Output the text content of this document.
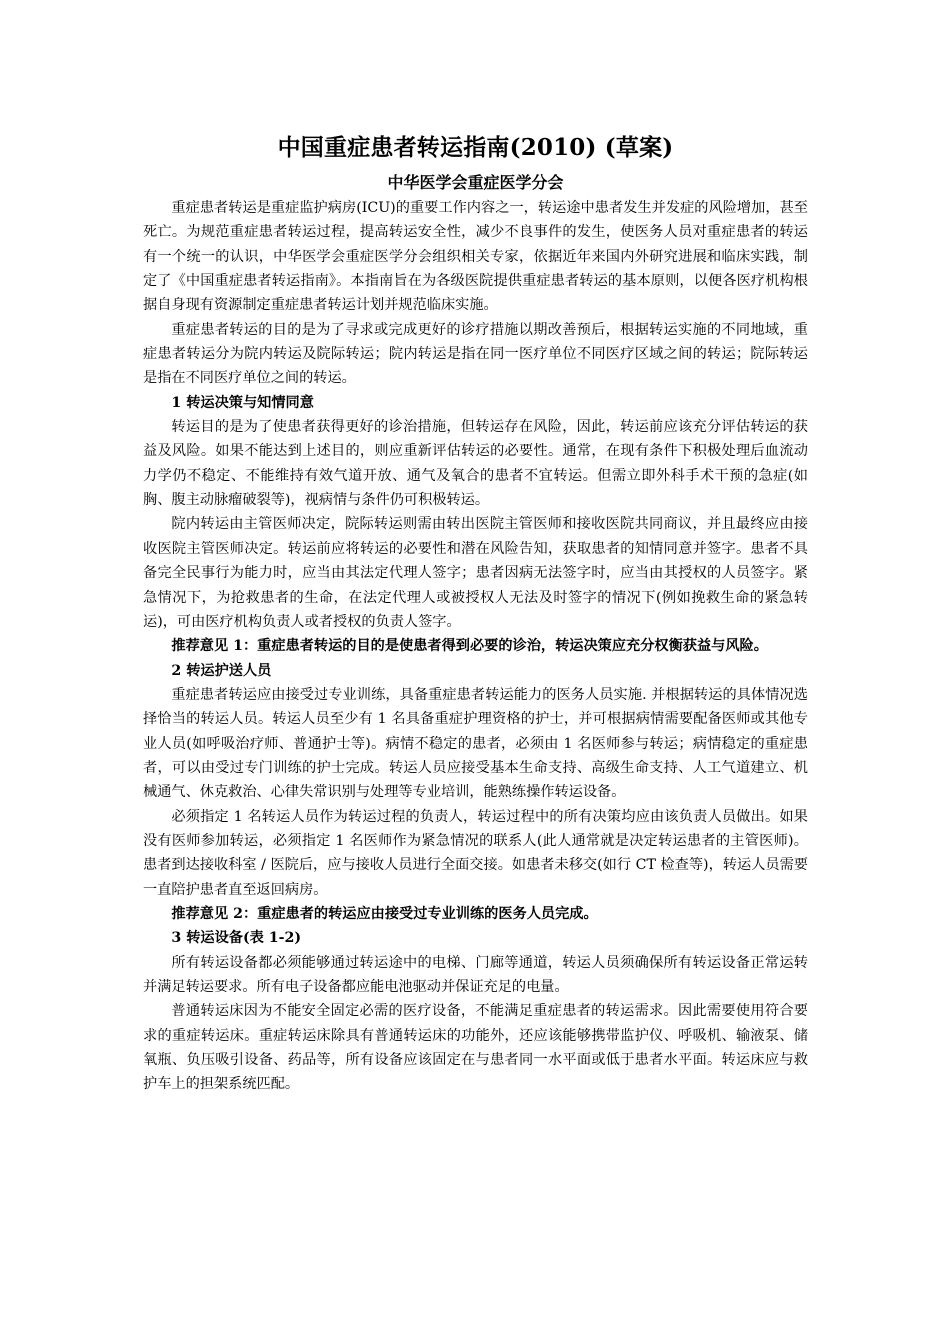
中国重症患者转运指南(2010) (草案)
中华医学会重症医学分会

重症患者转运是重症监护病房(ICU)的重要工作内容之一，转运途中患者发生并发症的风险增加，甚至死亡。为规范重症患者转运过程，提高转运安全性，减少不良事件的发生，使医务人员对重症患者的转运有一个统一的认识，中华医学会重症医学分会组织相关专家，依据近年来国内外研究进展和临床实践，制定了《中国重症患者转运指南》。本指南旨在为各级医院提供重症患者转运的基本原则，以便各医疗机构根据自身现有资源制定重症患者转运计划并规范临床实施。

重症患者转运的目的是为了寻求或完成更好的诊疗措施以期改善预后，根据转运实施的不同地域，重症患者转运分为院内转运及院际转运；院内转运是指在同一医疗单位不同医疗区域之间的转运；院际转运是指在不同医疗单位之间的转运。

1 转运决策与知情同意

转运目的是为了使患者获得更好的诊治措施，但转运存在风险，因此，转运前应该充分评估转运的获益及风险。如果不能达到上述目的，则应重新评估转运的必要性。通常，在现有条件下积极处理后血流动力学仍不稳定、不能维持有效气道开放、通气及氧合的患者不宜转运。但需立即外科手术干预的急症(如胸、腹主动脉瘤破裂等)，视病情与条件仍可积极转运。

院内转运由主管医师决定，院际转运则需由转出医院主管医师和接收医院共同商议，并且最终应由接收医院主管医师决定。转运前应将转运的必要性和潜在风险告知，获取患者的知情同意并签字。患者不具备完全民事行为能力时，应当由其法定代理人签字；患者因病无法签字时，应当由其授权的人员签字。紧急情况下，为抢救患者的生命，在法定代理人或被授权人无法及时签字的情况下(例如挽救生命的紧急转运)，可由医疗机构负责人或者授权的负责人签字。

推荐意见 1：重症患者转运的目的是使患者得到必要的诊治，转运决策应充分权衡获益与风险。

2 转运护送人员

重症患者转运应由接受过专业训练，具备重症患者转运能力的医务人员实施. 并根据转运的具体情况选择恰当的转运人员。转运人员至少有 1 名具备重症护理资格的护士，并可根据病情需要配备医师或其他专业人员(如呼吸治疗师、普通护士等)。病情不稳定的患者，必须由 1 名医师参与转运；病情稳定的重症患者，可以由受过专门训练的护士完成。转运人员应接受基本生命支持、高级生命支持、人工气道建立、机械通气、休克救治、心律失常识别与处理等专业培训，能熟练操作转运设备。

必须指定 1 名转运人员作为转运过程的负责人，转运过程中的所有决策均应由该负责人员做出。如果没有医师参加转运，必须指定 1 名医师作为紧急情况的联系人(此人通常就是决定转运患者的主管医师)。患者到达接收科室 / 医院后，应与接收人员进行全面交接。如患者未移交(如行 CT 检查等)，转运人员需要一直陪护患者直至返回病房。

推荐意见 2：重症患者的转运应由接受过专业训练的医务人员完成。

3 转运设备(表 1-2)

所有转运设备都必须能够通过转运途中的电梯、门廊等通道，转运人员须确保所有转运设备正常运转并满足转运要求。所有电子设备都应能电池驱动并保证充足的电量。

普通转运床因为不能安全固定必需的医疗设备，不能满足重症患者的转运需求。因此需要使用符合要求的重症转运床。重症转运床除具有普通转运床的功能外，还应该能够携带监护仪、呼吸机、输液泵、储氧瓶、负压吸引设备、药品等，所有设备应该固定在与患者同一水平面或低于患者水平面。转运床应与救护车上的担架系统匹配。
